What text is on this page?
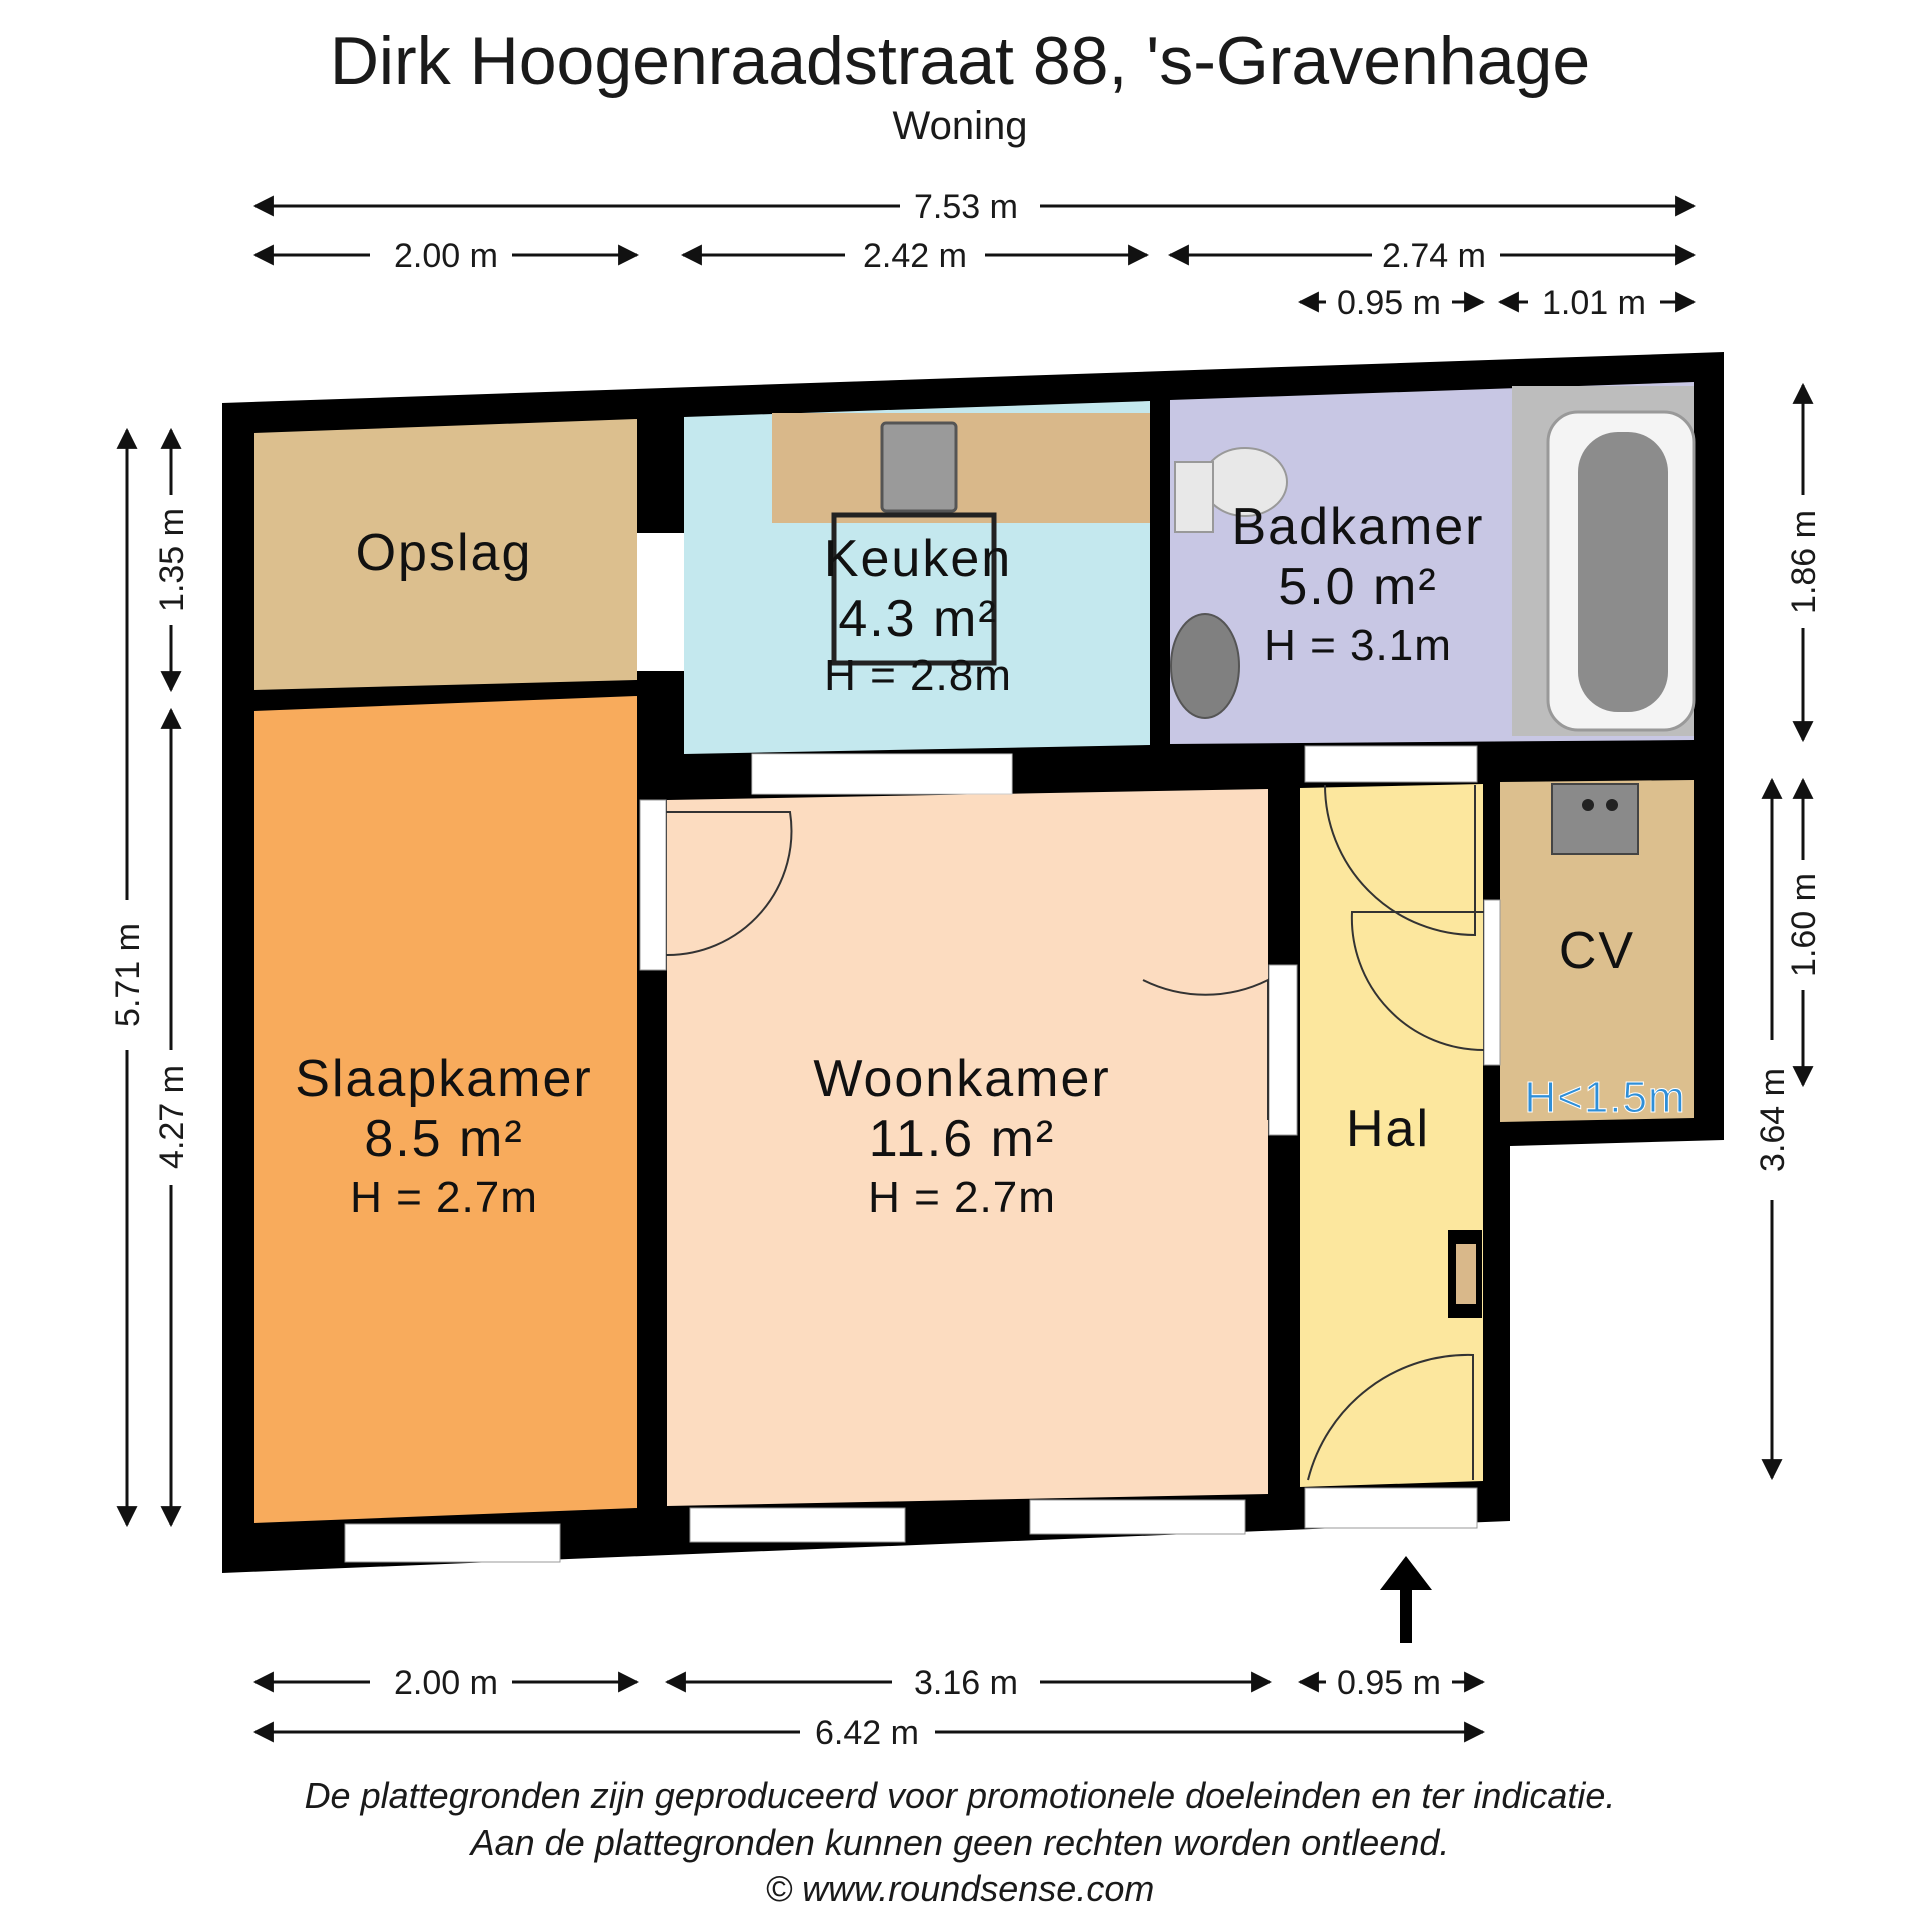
Dirk Hoogenraadstraat 88, 's-Gravenhage
Woning
Opslag	Keuken
4.3 m²
H = 2.8m
Badkamer
5.0 m²
H = 3.1m
CV
H<1.5m
Slaapkamer
8.5 m²
H = 2.7m
Woonkamer
11.6 m²
H = 2.7m
Hal
7.53 m
2.00 m	2.42 m	2.74 m
0.95 m	1.01 m
5.71 m
1.35 m
4.27 m
1.86 m
1.60 m
3.64 m
2.00 m	3.16 m	0.95 m
6.42 m
De plattegronden zijn geproduceerd voor promotionele doeleinden en ter indicatie.
Aan de plattegronden kunnen geen rechten worden ontleend.
© www.roundsense.com
